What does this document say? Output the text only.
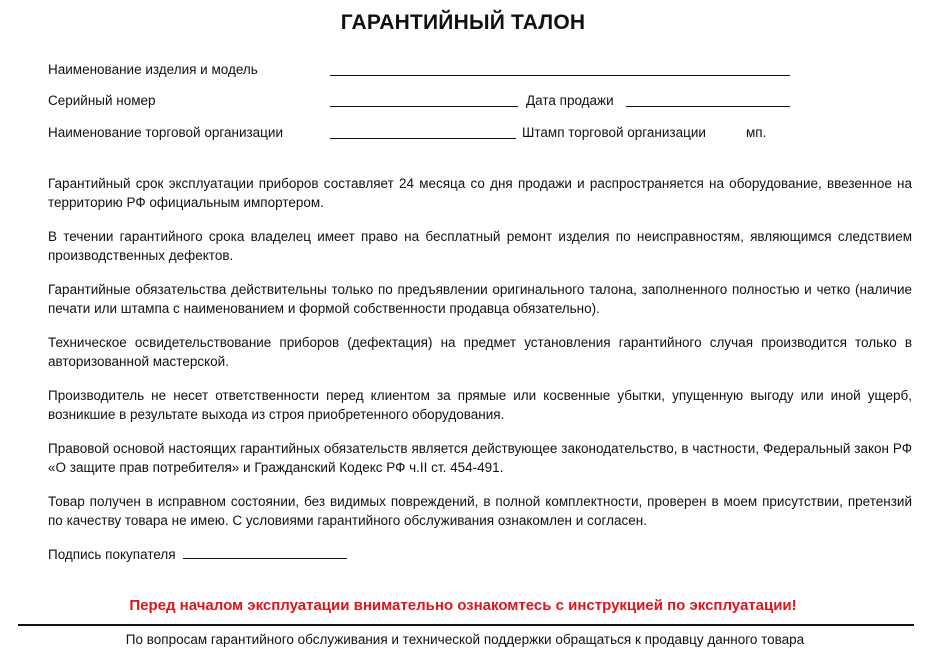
ГАРАНТИЙНЫЙ ТАЛОН
Наименование изделия и модель
Серийный номер	Дата продажи
Наименование торговой организации	Штамп торговой организации	мп.
Гарантийный срок эксплуатации приборов составляет 24 месяца со дня продажи и распространяется на оборудование, ввезенное на территорию РФ официальным импортером.
В течении гарантийного срока владелец имеет право на бесплатный ремонт изделия по неисправностям, являющимся следствием производственных дефектов.
Гарантийные обязательства действительны только по предъявлении оригинального талона, заполненного полностью и четко (наличие печати или штампа с наименованием и формой собственности продавца обязательно).
Техническое освидетельствование приборов (дефектация) на предмет установления гарантийного случая производится только в авторизованной мастерской.
Производитель не несет ответственности перед клиентом за прямые или косвенные убытки, упущенную выгоду или иной ущерб, возникшие в результате выхода из строя приобретенного оборудования.
Правовой основой настоящих гарантийных обязательств является действующее законодательство, в частности, Федеральный закон РФ «О защите прав потребителя» и Гражданский Кодекс РФ ч.II ст. 454-491.
Товар получен в исправном состоянии, без видимых повреждений, в полной комплектности, проверен в моем присутствии, претензий по качеству товара не имею. С условиями гарантийного обслуживания ознакомлен и согласен.
Подпись покупателя
Перед началом эксплуатации внимательно ознакомтесь с инструкцией по эксплуатации!
По вопросам гарантийного обслуживания и технической поддержки обращаться к продавцу данного товара
